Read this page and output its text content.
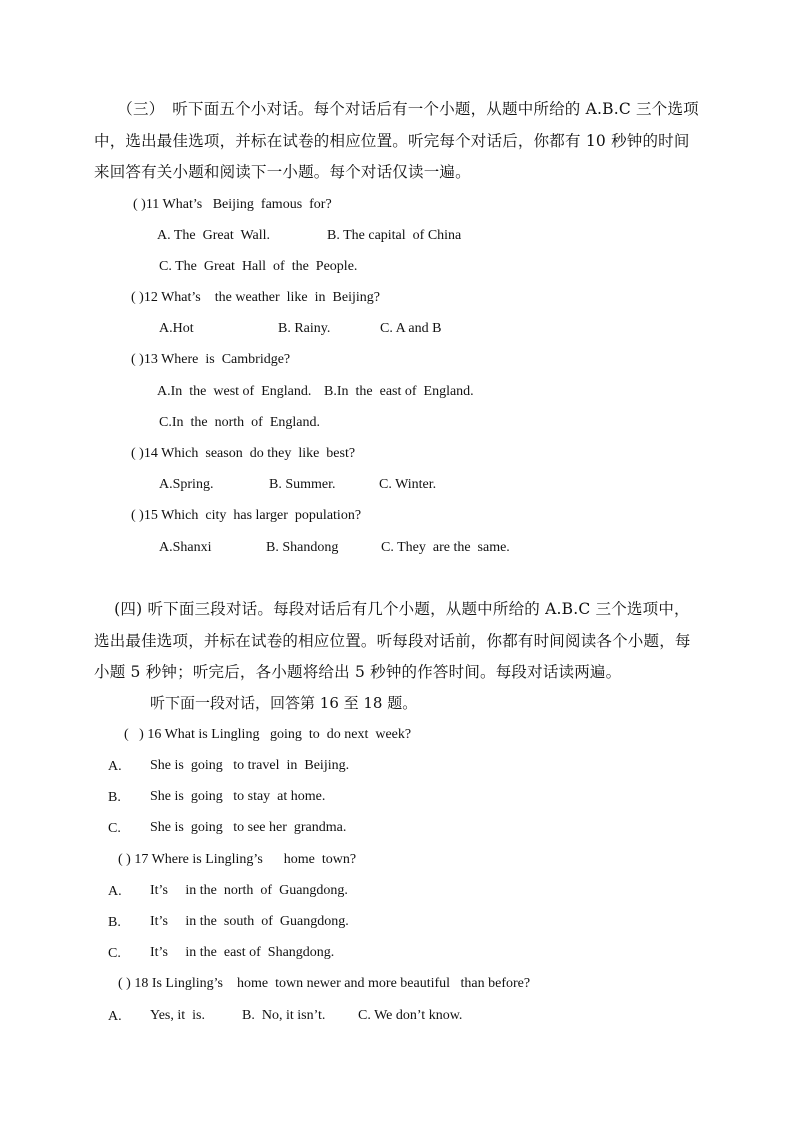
（三）　听下面五个小对话。每个对话后有一个小题，从题中所给的 A.B.C 三个选项中，选出最佳选项，并标在试卷的相应位置。听完每个对话后，你都有 10 秒钟的时间来回答有关小题和阅读下一小题。每个对话仅读一遍。

( )11 What’s   Beijing  famous  for?
A. The  Great  Wall.	B. The capital  of China
C. The  Great  Hall  of  the  People.
( )12 What’s    the weather  like  in  Beijing?
A.Hot	B. Rainy.	C. A and B
( )13 Where  is  Cambridge?
A.In  the  west of  England. B.In  the  east of  England.
C.In  the  north  of  England.
( )14 Which  season  do they  like  best?
A.Spring.	B. Summer.	C. Winter.
( )15 Which  city  has larger  population?
A.Shanxi	B. Shandong	C. They  are the  same.

(四) 听下面三段对话。每段对话后有几个小题，从题中所给的 A.B.C 三个选项中，选出最佳选项，并标在试卷的相应位置。听每段对话前，你都有时间阅读各个小题，每小题 5 秒钟；听完后，各小题将给出 5 秒钟的作答时间。每段对话读两遍。

听下面一段对话，回答第 16 至 18 题。
(   ) 16 What is Lingling   going  to  do next  week?
A. She is  going   to travel  in  Beijing.
B. She is  going   to stay  at home.
C. She is  going   to see her  grandma.
( ) 17 Where is Lingling’s      home  town?
A. It’s     in the  north  of  Guangdong.
B. It’s     in the  south  of  Guangdong.
C. It’s     in the  east of  Shangdong.
( ) 18 Is Lingling’s    home  town newer and more beautiful   than before?
A. Yes, it  is.	B.  No, it isn’t. C. We don’t know.
